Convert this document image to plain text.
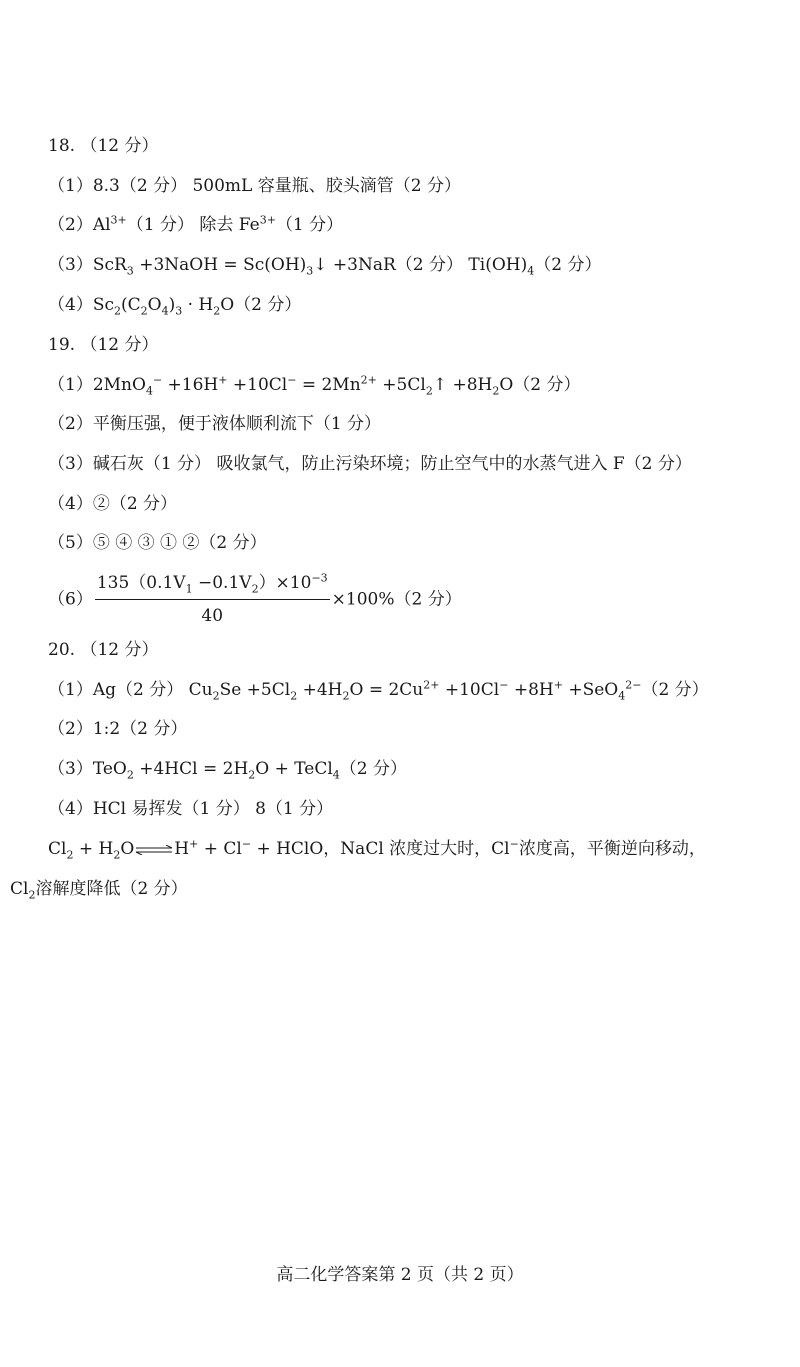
18. （12 分）
（1）8.3（2 分） 500mL 容量瓶、胶头滴管（2 分）
$(2)Al^{3+}(1$ 分） 除去 $Fe^{3+}(1$ 分）
（3）ScR$_3$ +3NaOH = $Sc(OH)_3↓ +3NaR(2$ 分） $Ti(OH)_4(2$ 分）
$(4)Sc_2(C_2O_4)_3 \cdot H_2O(2$ 分）
19. （12 分）
$(1)2MnO_4^- +16H^+ +10Cl^- = 2Mn^{2+}$ $+5Cl_2↑ +8H_2O(2$ 分）
（2）平衡压强，便于液体顺利流下（1 分）
（3）碱石灰（1 分） 吸收氯气，防止污染环境；防止空气中的水蒸气进入 F（2 分）
（4）②（2 分）
（5）⑤ ④ ③ ① ②（2 分）
$(6) \frac{135(0.1V_1 -0.1V_2)\times 10^{-3}}{40} \times 100\%(2$ 分）
20. （12 分）
（1）Ag（2 分） $Cu_2Se +5Cl_2 +4H_2O = 2Cu^{2+} +10Cl^- +8H^+ +SeO_4^{2-}(2$ 分）
（2）1:2（2 分）
$(3)TeO_2 +4HCl = 2H_2O$ + TeCl$_4$（2 分）
（4）HCl 易挥发（1 分） 8（1 分）
$Cl_2$ + $H_2O\rightleftharpoons H^+ + Cl^-$ + HClO，NaCl 浓度过大时，Cl−浓度高，平衡逆向移动，
$Cl_2$溶解度降低（2 分）
高二化学答案第 2 页（共 2 页）
